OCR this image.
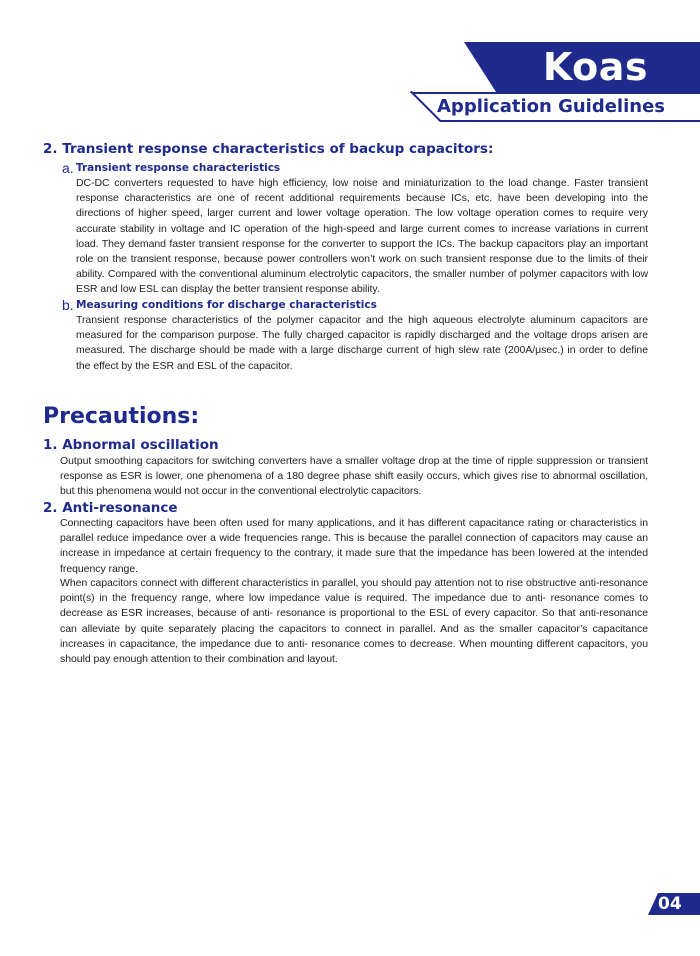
Koas
Application Guidelines
2. Transient response characteristics of backup capacitors:
a. Transient response characteristics

DC-DC converters requested to have high efficiency, low noise and miniaturization to the load change. Faster transient response characteristics are one of recent additional requirements because ICs, etc. have been developing into the directions of higher speed, larger current and lower voltage operation. The low voltage operation comes to require very accurate stability in voltage and IC operation of the high-speed and large current comes to increase variations in current load. They demand faster transient response for the converter to support the ICs. The backup capacitors play an important role on the transient response, because power controllers won’t work on such transient response due to the limits of their ability. Compared with the conventional aluminum electrolytic capacitors, the smaller number of polymer capacitors with low ESR and low ESL can display the better transient response ability.

b. Measuring conditions for discharge characteristics

Transient response characteristics of the polymer capacitor and the high aqueous electrolyte aluminum capacitors are measured for the comparison purpose. The fully charged capacitor is rapidly discharged and the voltage drops arisen are measured. The discharge should be made with a large discharge current of high slew rate (200A/μsec.) in order to define the effect by the ESR and ESL of the capacitor.

Precautions:
1. Abnormal oscillation

Output smoothing capacitors for switching converters have a smaller voltage drop at the time of ripple suppression or transient response as ESR is lower, one phenomena of a 180 degree phase shift easily occurs, which gives rise to abnormal oscillation, but this phenomena would not occur in the conventional electrolytic capacitors.

2. Anti-resonance

Connecting capacitors have been often used for many applications, and it has different capacitance rating or characteristics in parallel reduce impedance over a wide frequencies range. This is because the parallel connection of capacitors may cause an increase in impedance at certain frequency to the contrary, it made sure that the impedance has been lowered at the intended frequency range.

When capacitors connect with different characteristics in parallel, you should pay attention not to rise obstructive anti-resonance point(s) in the frequency range, where low impedance value is required. The impedance due to anti- resonance comes to decrease as ESR increases, because of anti- resonance is proportional to the ESL of every capacitor. So that anti-resonance can alleviate by quite separately placing the capacitors to connect in parallel. And as the smaller capacitor’s capacitance increases in capacitance, the impedance due to anti- resonance comes to decrease. When mounting different capacitors, you should pay enough attention to their combination and layout.

04
